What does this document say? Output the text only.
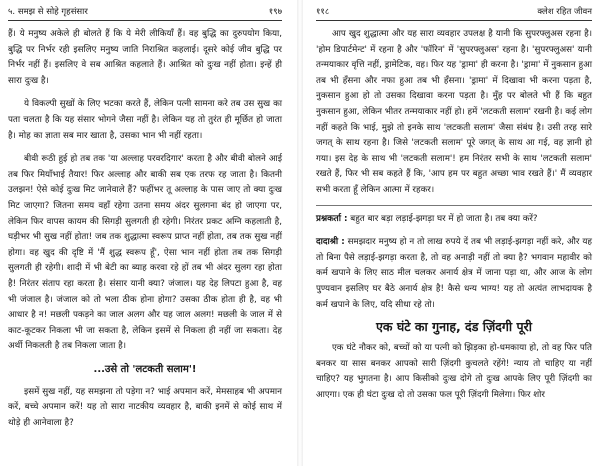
५. समझ से सोहे गृहसंसार	१९७

हैं। ये मनुष्य अकेले ही बोलते हैं कि ये मेरी लीकियाँ हैं। वह बुद्धि का दुरुपयोग किया, बुद्धि पर निर्भर रही इसलिए मनुष्य जाति निराश्रित कहलाई। दूसरे कोई जीव बुद्धि पर निर्भर नहीं हैं। इसलिए वे सब आश्रित कहलाते हैं। आश्रित को दुःख नहीं होता। इन्हें ही सारा दुःख है।

ये विकल्पी सुखों के लिए भटका करते हैं, लेकिन पत्नी सामना करे तब उस सुख का पता चलता है कि यह संसार भोगने जैसा नहीं है। लेकिन यह तो तुरंत ही मूर्छित हो जाता है। मोह का ज्ञाता सब मार खाता है, उसका भान भी नहीं रहता।

बीवी रूठी हुई हो तब तक 'या अल्लाह परवरदिगार' करता है और बीवी बोलने आई तब फिर मियाँभाई तैयार! फिर अल्लाह और बाकी सब एक तरफ रह जाता है। कितनी उलझन! ऐसे कोई दुःख मिट जानेवाले हैं? फहींभर तू अल्लाह के पास जाए तो क्या दुःख मिट जाएगा? जितना समय वहाँ रहेगा उतना समय अंदर सुलगना बंद हो जाएगा पर, लेकिन फिर वापस कायम की सिगड़ी सुलगती ही रहेगी। निरंतर प्रकट अग्नि कहलाती है, घड़ीभर भी सुख नहीं होता! जब तक शुद्धात्मा स्वरूप प्राप्त नहीं होता, तब तक सुख नहीं होगा। वह खुद की दृष्टि में 'मैं शुद्ध स्वरूप हूँ', ऐसा भान नहीं होता तब तक सिगड़ी सुलगती ही रहेगी। शादी में भी बेटी का ब्याह करवा रहे हों तब भी अंदर सुलग रहा होता है! निरंतर संताप रहा करता है। संसार यानी क्या? जंजाल। यह देह लिपटा हुआ है, वह भी जंजाल है। जंजाल को तो भला ठीक होना होगा? उसका ठीक होता ही है, वह भी आधार है न! मछली पकड़ने का जाल अलग और यह जाल अलग! मछली के जाल में से काट-कूटकर निकला भी जा सकता है, लेकिन इसमें से निकला ही नहीं जा सकता। देह अर्थी निकलती है तब निकला जाता है।

...उसे तो 'लटकती सलाम'!

इसमें सुख नहीं, यह समझना तो पड़ेगा न? भाई अपमान करें, मेमसाहब भी अपमान करें, बच्चे अपमान करें! यह तो सारा नाटकीय व्यवहार है, बाकी इनमें से कोई साथ में थोड़े ही आनेवाला है?

११८	क्लेश रहित जीवन

आप खुद शुद्धात्मा और यह सारा व्यवहार उपलक्ष है यानी कि सुपरफ्लुअस रहना है। 'होम डिपार्टमेन्ट' में रहना है और 'फॉरिन' में 'सुपरफ्लुअस' रहना है। 'सुपरफ्लुअस' यानी तन्मयाकार वृत्ति नहीं, ड्रामेटिक, वह। फिर यह 'ड्रामा' ही करना है। 'ड्रामा' में नुकसान हुआ तब भी हँसना और नफा हुआ तब भी हँसना। 'ड्रामा' में दिखावा भी करना पड़ता है, नुकसान हुआ हो तो उसका दिखावा करना पड़ता है। मुँह पर बोलते भी हैं कि बहुत नुकसान हुआ, लेकिन भीतर तन्मयाकार नहीं हो। हमें 'लटकती सलाम' रखनी है। कई लोग नहीं कहते कि भाई, मुझे तो इनके साथ 'लटकती सलाम' जैसा संबंध है। उसी तरह सारे जगत् के साथ रहना है। जिसे 'लटकती सलाम' पूरे जगत् के साथ आ गई, वह ज्ञानी हो गया। इस देह के साथ भी 'लटकती सलाम'! हम निरंतर सभी के साथ 'लटकती सलाम' रखते हैं, फिर भी सब कहते हैं कि, 'आप हम पर बहुत अच्छा भाव रखते हैं।' मैं व्यवहार सभी करता हूँ लेकिन आत्मा में रहकर।

प्रश्नकर्ता : बहुत बार बड़ा लड़ाई-झगड़ा घर में हो जाता है। तब क्या करें?

दादाश्री : समझदार मनुष्य हो न तो लाख रुपये दें तब भी लड़ाई-झगड़ा नहीं करे, और यह तो बिना पैसे लड़ाई-झगड़ा करता है, तो वह अनाड़ी नहीं तो क्या है? भगवान महावीर को कर्म खपाने के लिए साठ मील चलकर अनार्य क्षेत्र में जाना पड़ा था, और आज के लोग पुण्यवान इसलिए घर बैठे अनार्य क्षेत्र है! कैसे धन्य भाग्य! यह तो अत्यंत लाभदायक है कर्म खपाने के लिए, यदि सीधा रहे तो।

एक घंटे का गुनाह, दंड ज़िंदगी पूरी

एक घंटे नौकर को, बच्चों को या पत्नी को झिड़का हो-धमकाया हो, तो वह फिर पति बनकर या सास बनकर आपको सारी ज़िंदगी कुचलते रहेंगे! न्याय तो चाहिए या नहीं चाहिए? यह भुगतना है। आप किसीको दुःख दोगे तो दुःख आपके लिए पूरी ज़िंदगी का आएगा। एक ही घंटा दुःख दो तो उसका फल पूरी ज़िंदगी मिलेगा। फिर शोर
